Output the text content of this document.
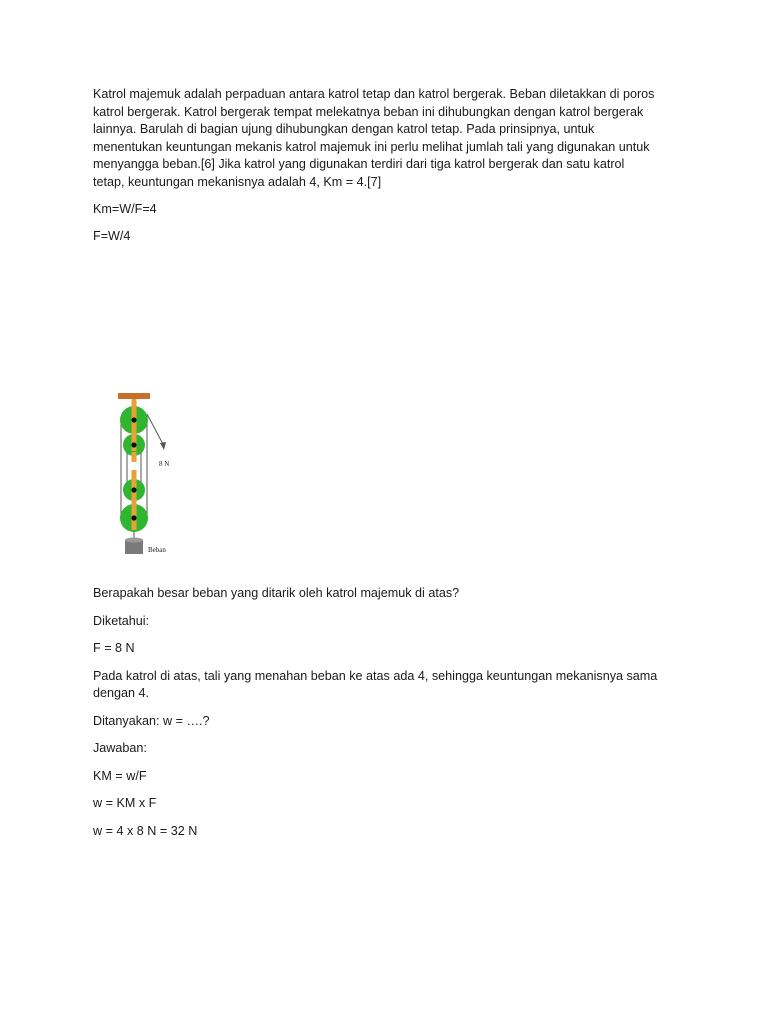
Katrol majemuk adalah perpaduan antara katrol tetap dan katrol bergerak. Beban diletakkan di poros
katrol bergerak. Katrol bergerak tempat melekatnya beban ini dihubungkan dengan katrol bergerak
lainnya. Barulah di bagian ujung dihubungkan dengan katrol tetap. Pada prinsipnya, untuk
menentukan keuntungan mekanis katrol majemuk ini perlu melihat jumlah tali yang digunakan untuk
menyangga beban.[6] Jika katrol yang digunakan terdiri dari tiga katrol bergerak dan satu katrol
tetap, keuntungan mekanisnya adalah 4, Km = 4.[7]

Km=W/F=4

F=W/4

8 N
Beban

Berapakah besar beban yang ditarik oleh katrol majemuk di atas?

Diketahui:

F = 8 N

Pada katrol di atas, tali yang menahan beban ke atas ada 4, sehingga keuntungan mekanisnya sama
dengan 4.

Ditanyakan: w = ….?

Jawaban:

KM = w/F

w = KM x F

w = 4 x 8 N = 32 N
